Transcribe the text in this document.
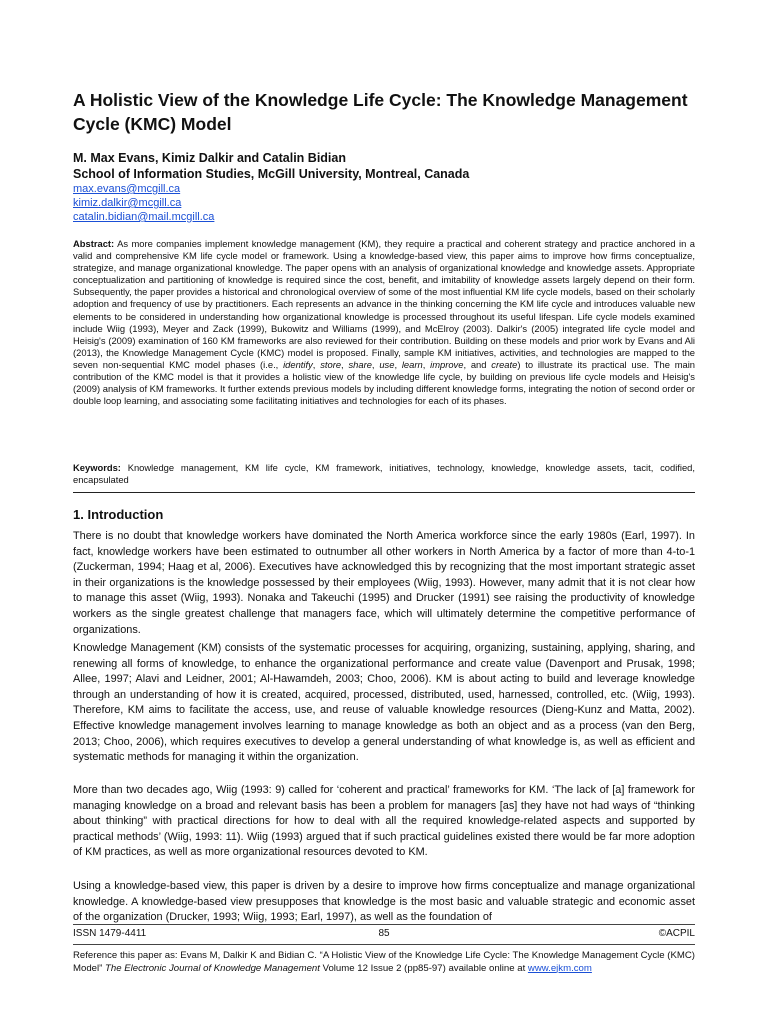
A Holistic View of the Knowledge Life Cycle: The Knowledge Management Cycle (KMC) Model
M. Max Evans, Kimiz Dalkir and Catalin Bidian
School of Information Studies, McGill University, Montreal, Canada
max.evans@mcgill.ca
kimiz.dalkir@mcgill.ca
catalin.bidian@mail.mcgill.ca

Abstract: As more companies implement knowledge management (KM), they require a practical and coherent strategy and practice anchored in a valid and comprehensive KM life cycle model or framework. Using a knowledge-based view, this paper aims to improve how firms conceptualize, strategize, and manage organizational knowledge. The paper opens with an analysis of organizational knowledge and knowledge assets. Appropriate conceptualization and partitioning of knowledge is required since the cost, benefit, and imitability of knowledge assets largely depend on their form. Subsequently, the paper provides a historical and chronological overview of some of the most influential KM life cycle models, based on their scholarly adoption and frequency of use by practitioners. Each represents an advance in the thinking concerning the KM life cycle and introduces valuable new elements to be considered in understanding how organizational knowledge is processed throughout its useful lifespan. Life cycle models examined include Wiig (1993), Meyer and Zack (1999), Bukowitz and Williams (1999), and McElroy (2003). Dalkir's (2005) integrated life cycle model and Heisig's (2009) examination of 160 KM frameworks are also reviewed for their contribution. Building on these models and prior work by Evans and Ali (2013), the Knowledge Management Cycle (KMC) model is proposed. Finally, sample KM initiatives, activities, and technologies are mapped to the seven non-sequential KMC model phases (i.e., identify, store, share, use, learn, improve, and create) to illustrate its practical use. The main contribution of the KMC model is that it provides a holistic view of the knowledge life cycle, by building on previous life cycle models and Heisig's (2009) analysis of KM frameworks. It further extends previous models by including different knowledge forms, integrating the notion of second order or double loop learning, and associating some facilitating initiatives and technologies for each of its phases.

Keywords: Knowledge management, KM life cycle, KM framework, initiatives, technology, knowledge, knowledge assets, tacit, codified, encapsulated

1. Introduction

There is no doubt that knowledge workers have dominated the North America workforce since the early 1980s (Earl, 1997). In fact, knowledge workers have been estimated to outnumber all other workers in North America by a factor of more than 4-to-1 (Zuckerman, 1994; Haag et al, 2006). Executives have acknowledged this by recognizing that the most important strategic asset in their organizations is the knowledge possessed by their employees (Wiig, 1993). However, many admit that it is not clear how to manage this asset (Wiig, 1993). Nonaka and Takeuchi (1995) and Drucker (1991) see raising the productivity of knowledge workers as the single greatest challenge that managers face, which will ultimately determine the competitive performance of organizations.

Knowledge Management (KM) consists of the systematic processes for acquiring, organizing, sustaining, applying, sharing, and renewing all forms of knowledge, to enhance the organizational performance and create value (Davenport and Prusak, 1998; Allee, 1997; Alavi and Leidner, 2001; Al-Hawamdeh, 2003; Choo, 2006). KM is about acting to build and leverage knowledge through an understanding of how it is created, acquired, processed, distributed, used, harnessed, controlled, etc. (Wiig, 1993). Therefore, KM aims to facilitate the access, use, and reuse of valuable knowledge resources (Dieng-Kunz and Matta, 2002). Effective knowledge management involves learning to manage knowledge as both an object and as a process (van den Berg, 2013; Choo, 2006), which requires executives to develop a general understanding of what knowledge is, as well as efficient and systematic methods for managing it within the organization.

More than two decades ago, Wiig (1993: 9) called for ‘coherent and practical’ frameworks for KM. ‘The lack of [a] framework for managing knowledge on a broad and relevant basis has been a problem for managers [as] they have not had ways of “thinking about thinking” with practical directions for how to deal with all the required knowledge-related aspects and supported by practical methods’ (Wiig, 1993: 11). Wiig (1993) argued that if such practical guidelines existed there would be far more adoption of KM practices, as well as more organizational resources devoted to KM.

Using a knowledge-based view, this paper is driven by a desire to improve how firms conceptualize and manage organizational knowledge. A knowledge-based view presupposes that knowledge is the most basic and valuable strategic and economic asset of the organization (Drucker, 1993; Wiig, 1993; Earl, 1997), as well as the foundation of

ISSN 1479-4411	85	©ACPIL

Reference this paper as: Evans M, Dalkir K and Bidian C. “A Holistic View of the Knowledge Life Cycle: The Knowledge Management Cycle (KMC) Model” The Electronic Journal of Knowledge Management Volume 12 Issue 2 (pp85-97) available online at www.ejkm.com
